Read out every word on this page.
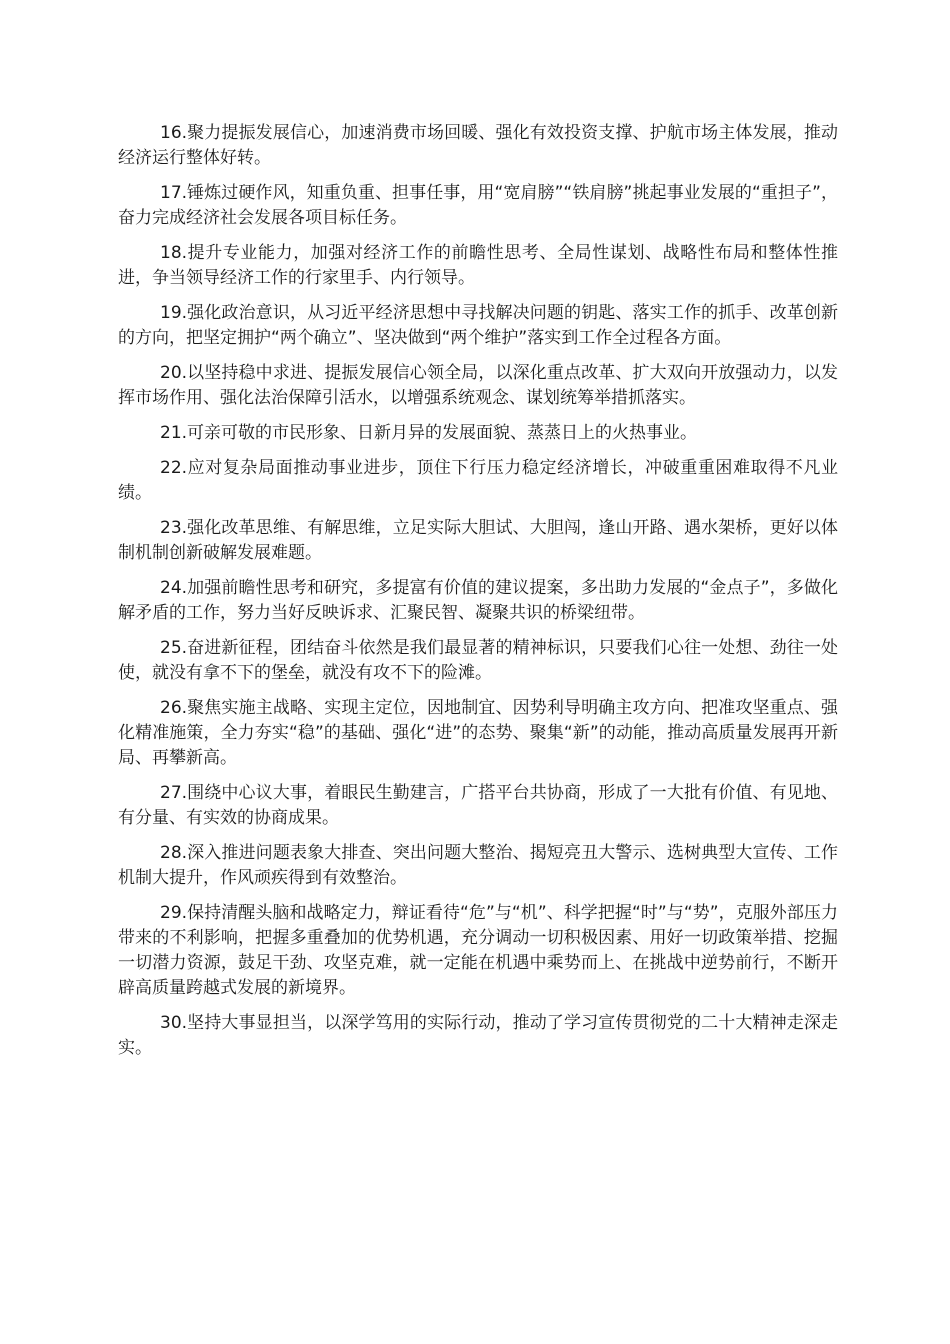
16.聚力提振发展信心，加速消费市场回暖、强化有效投资支撑、护航市场主体发展，推动经济运行整体好转。

17.锤炼过硬作风，知重负重、担事任事，用“宽肩膀”“铁肩膀”挑起事业发展的“重担子”，奋力完成经济社会发展各项目标任务。

18.提升专业能力，加强对经济工作的前瞻性思考、全局性谋划、战略性布局和整体性推进，争当领导经济工作的行家里手、内行领导。

19.强化政治意识，从习近平经济思想中寻找解决问题的钥匙、落实工作的抓手、改革创新的方向，把坚定拥护“两个确立”、坚决做到“两个维护”落实到工作全过程各方面。

20.以坚持稳中求进、提振发展信心领全局，以深化重点改革、扩大双向开放强动力，以发挥市场作用、强化法治保障引活水，以增强系统观念、谋划统筹举措抓落实。

21.可亲可敬的市民形象、日新月异的发展面貌、蒸蒸日上的火热事业。

22.应对复杂局面推动事业进步，顶住下行压力稳定经济增长，冲破重重困难取得不凡业绩。

23.强化改革思维、有解思维，立足实际大胆试、大胆闯，逢山开路、遇水架桥，更好以体制机制创新破解发展难题。

24.加强前瞻性思考和研究，多提富有价值的建议提案，多出助力发展的“金点子”，多做化解矛盾的工作，努力当好反映诉求、汇聚民智、凝聚共识的桥梁纽带。

25.奋进新征程，团结奋斗依然是我们最显著的精神标识，只要我们心往一处想、劲往一处使，就没有拿不下的堡垒，就没有攻不下的险滩。

26.聚焦实施主战略、实现主定位，因地制宜、因势利导明确主攻方向、把准攻坚重点、强化精准施策，全力夯实“稳”的基础、强化“进”的态势、聚集“新”的动能，推动高质量发展再开新局、再攀新高。

27.围绕中心议大事，着眼民生勤建言，广搭平台共协商，形成了一大批有价值、有见地、有分量、有实效的协商成果。

28.深入推进问题表象大排查、突出问题大整治、揭短亮丑大警示、选树典型大宣传、工作机制大提升，作风顽疾得到有效整治。

29.保持清醒头脑和战略定力，辩证看待“危”与“机”、科学把握“时”与“势”，克服外部压力带来的不利影响，把握多重叠加的优势机遇，充分调动一切积极因素、用好一切政策举措、挖掘一切潜力资源，鼓足干劲、攻坚克难，就一定能在机遇中乘势而上、在挑战中逆势前行，不断开辟高质量跨越式发展的新境界。

30.坚持大事显担当，以深学笃用的实际行动，推动了学习宣传贯彻党的二十大精神走深走实。
